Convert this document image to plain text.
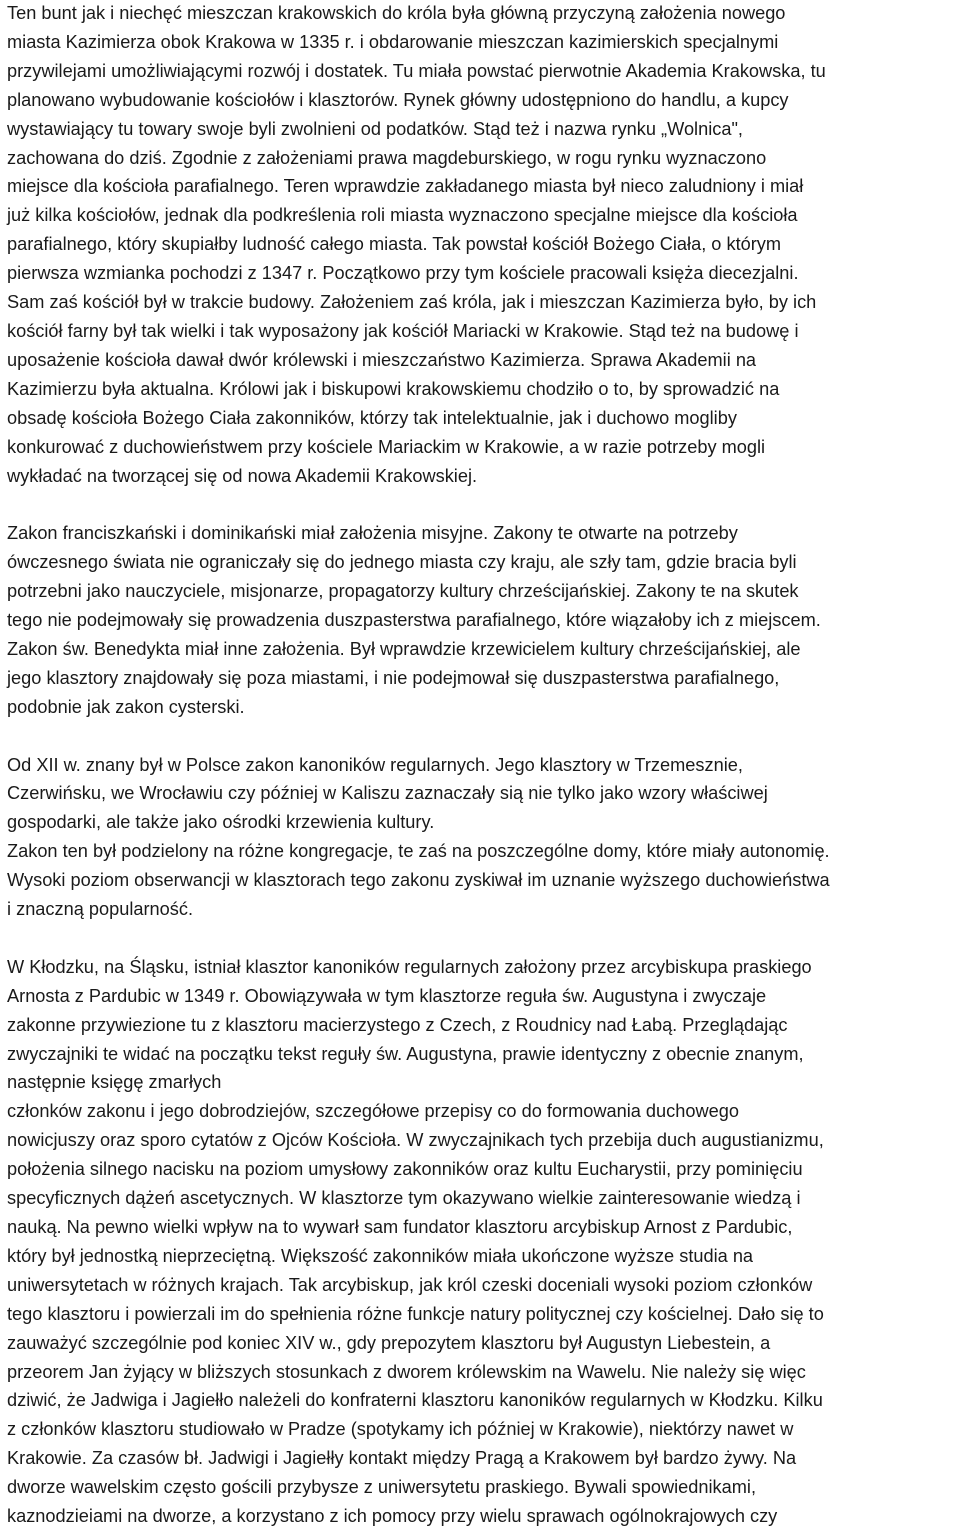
Ten bunt jak i niechęć mieszczan krakowskich do króla była główną przyczyną założenia nowego
miasta Kazimierza obok Krakowa w 1335 r. i obdarowanie mieszczan kazimierskich specjalnymi
przywilejami umożliwiającymi rozwój i dostatek. Tu miała powstać pierwotnie Akademia Krakowska, tu
planowano wybudowanie kościołów i klasztorów. Rynek główny udostępniono do handlu, a kupcy
wystawiający tu towary swoje byli zwolnieni od podatków. Stąd też i nazwa rynku „Wolnica",
zachowana do dziś. Zgodnie z założeniami prawa magdeburskiego, w rogu rynku wyznaczono
miejsce dla kościoła parafialnego. Teren wprawdzie zakładanego miasta był nieco zaludniony i miał
już kilka kościołów, jednak dla podkreślenia roli miasta wyznaczono specjalne miejsce dla kościoła
parafialnego, który skupiałby ludność całego miasta. Tak powstał kościół Bożego Ciała, o którym
pierwsza wzmianka pochodzi z 1347 r. Początkowo przy tym kościele pracowali księża diecezjalni.
Sam zaś kościół był w trakcie budowy. Założeniem zaś króla, jak i mieszczan Kazimierza było, by ich
kościół farny był tak wielki i tak wyposażony jak kościół Mariacki w Krakowie. Stąd też na budowę i
uposażenie kościoła dawał dwór królewski i mieszczaństwo Kazimierza. Sprawa Akademii na
Kazimierzu była aktualna. Królowi jak i biskupowi krakowskiemu chodziło o to, by sprowadzić na
obsadę kościoła Bożego Ciała zakonników, którzy tak intelektualnie, jak i duchowo mogliby
konkurować z duchowieństwem przy kościele Mariackim w Krakowie, a w razie potrzeby mogli
wykładać na tworzącej się od nowa Akademii Krakowskiej.
Zakon franciszkański i dominikański miał założenia misyjne. Zakony te otwarte na potrzeby
ówczesnego świata nie ograniczały się do jednego miasta czy kraju, ale szły tam, gdzie bracia byli
potrzebni jako nauczyciele, misjonarze, propagatorzy kultury chrześcijańskiej. Zakony te na skutek
tego nie podejmowały się prowadzenia duszpasterstwa parafialnego, które wiązałoby ich z miejscem.
Zakon św. Benedykta miał inne założenia. Był wprawdzie krzewicielem kultury chrześcijańskiej, ale
jego klasztory znajdowały się poza miastami, i nie podejmował się duszpasterstwa parafialnego,
podobnie jak zakon cysterski.
Od XII w. znany był w Polsce zakon kanoników regularnych. Jego klasztory w Trzemesznie,
Czerwińsku, we Wrocławiu czy później w Kaliszu zaznaczały sią nie tylko jako wzory właściwej
gospodarki, ale także jako ośrodki krzewienia kultury.
Zakon ten był podzielony na różne kongregacje, te zaś na poszczególne domy, które miały autonomię.
Wysoki poziom obserwancji w klasztorach tego zakonu zyskiwał im uznanie wyższego duchowieństwa
i znaczną popularność.
W Kłodzku, na Śląsku, istniał klasztor kanoników regularnych założony przez arcybiskupa praskiego
Arnosta z Pardubic w 1349 r. Obowiązywała w tym klasztorze reguła św. Augustyna i zwyczaje
zakonne przywiezione tu z klasztoru macierzystego z Czech, z Roudnicy nad Łabą. Przeglądając
zwyczajniki te widać na początku tekst reguły św. Augustyna, prawie identyczny z obecnie znanym,
następnie księgę zmarłych
członków zakonu i jego dobrodziejów, szczegółowe przepisy co do formowania duchowego
nowicjuszy oraz sporo cytatów z Ojców Kościoła. W zwyczajnikach tych przebija duch augustianizmu,
położenia silnego nacisku na poziom umysłowy zakonników oraz kultu Eucharystii, przy pominięciu
specyficznych dążeń ascetycznych. W klasztorze tym okazywano wielkie zainteresowanie wiedzą i
nauką. Na pewno wielki wpływ na to wywarł sam fundator klasztoru arcybiskup Arnost z Pardubic,
który był jednostką nieprzeciętną. Większość zakonników miała ukończone wyższe studia na
uniwersytetach w różnych krajach. Tak arcybiskup, jak król czeski doceniali wysoki poziom członków
tego klasztoru i powierzali im do spełnienia różne funkcje natury politycznej czy kościelnej. Dało się to
zauważyć szczególnie pod koniec XIV w., gdy prepozytem klasztoru był Augustyn Liebestein, a
przeorem Jan żyjący w bliższych stosunkach z dworem królewskim na Wawelu. Nie należy się więc
dziwić, że Jadwiga i Jagiełło należeli do konfraterni klasztoru kanoników regularnych w Kłodzku. Kilku
z członków klasztoru studiowało w Pradze (spotykamy ich później w Krakowie), niektórzy nawet w
Krakowie. Za czasów bł. Jadwigi i Jagiełły kontakt między Pragą a Krakowem był bardzo żywy. Na
dworze wawelskim często gościli przybysze z uniwersytetu praskiego. Bywali spowiednikami,
kaznodzieiami na dworze, a korzystano z ich pomocy przy wielu sprawach ogólnokrajowych czy
